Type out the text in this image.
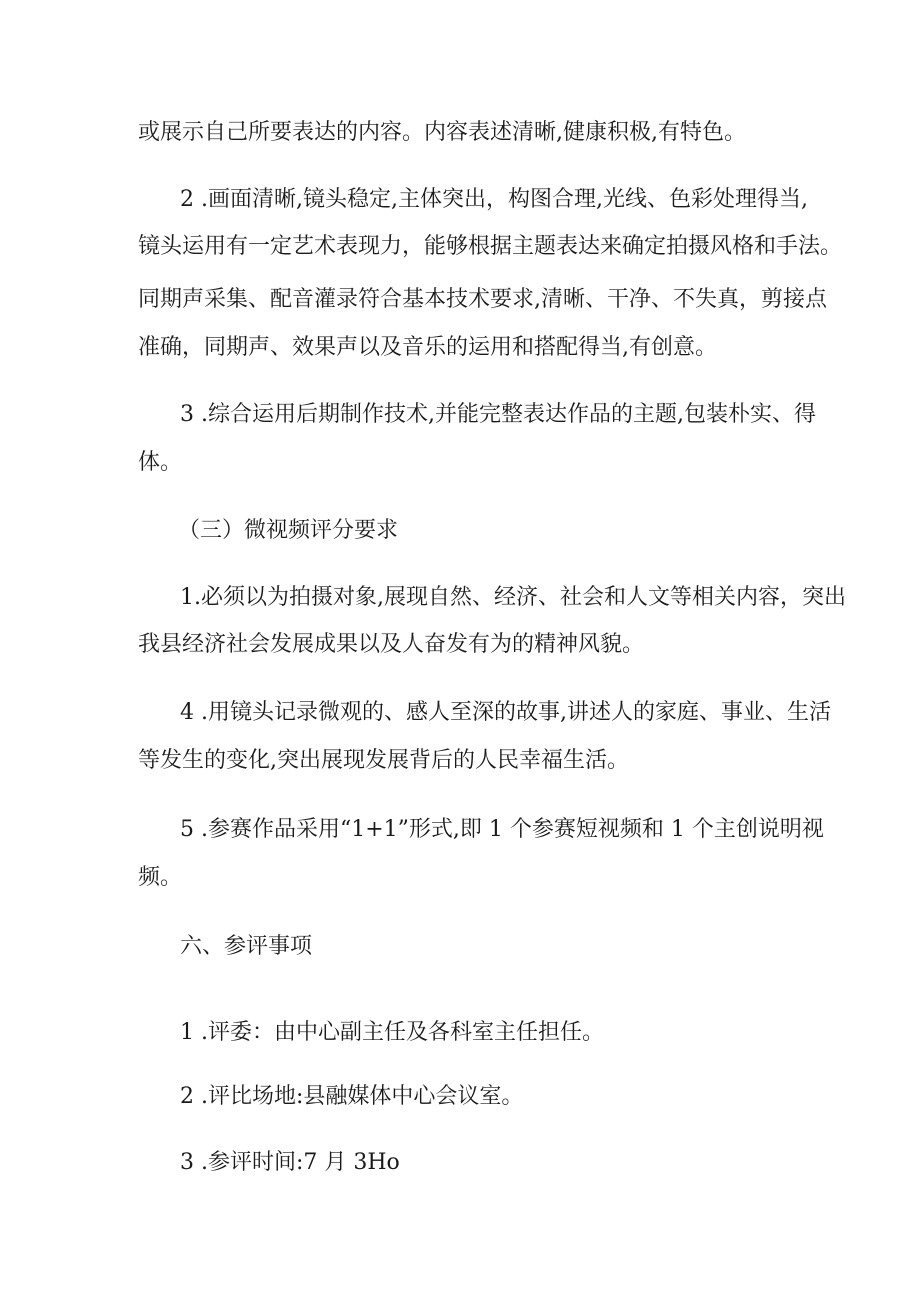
或展示自己所要表达的内容。内容表述清晰,健康积极,有特色。

2 .画面清晰,镜头稳定,主体突出，构图合理,光线、色彩处理得当,

镜头运用有一定艺术表现力，能够根据主题表达来确定拍摄风格和手法。

同期声采集、配音灌录符合基本技术要求,清晰、干净、不失真，剪接点

准确，同期声、效果声以及音乐的运用和搭配得当,有创意。

3 .综合运用后期制作技术,并能完整表达作品的主题,包装朴实、得

体。

（三）微视频评分要求

1.必须以为拍摄对象,展现自然、经济、社会和人文等相关内容，突出

我县经济社会发展成果以及人奋发有为的精神风貌。

4 .用镜头记录微观的、感人至深的故事,讲述人的家庭、事业、生活

等发生的变化,突出展现发展背后的人民幸福生活。

5 .参赛作品采用“1+1”形式,即 1 个参赛短视频和 1 个主创说明视

频。

六、参评事项

1 .评委：由中心副主任及各科室主任担任。

2 .评比场地:县融媒体中心会议室。

3 .参评时间:7 月 3Ho
